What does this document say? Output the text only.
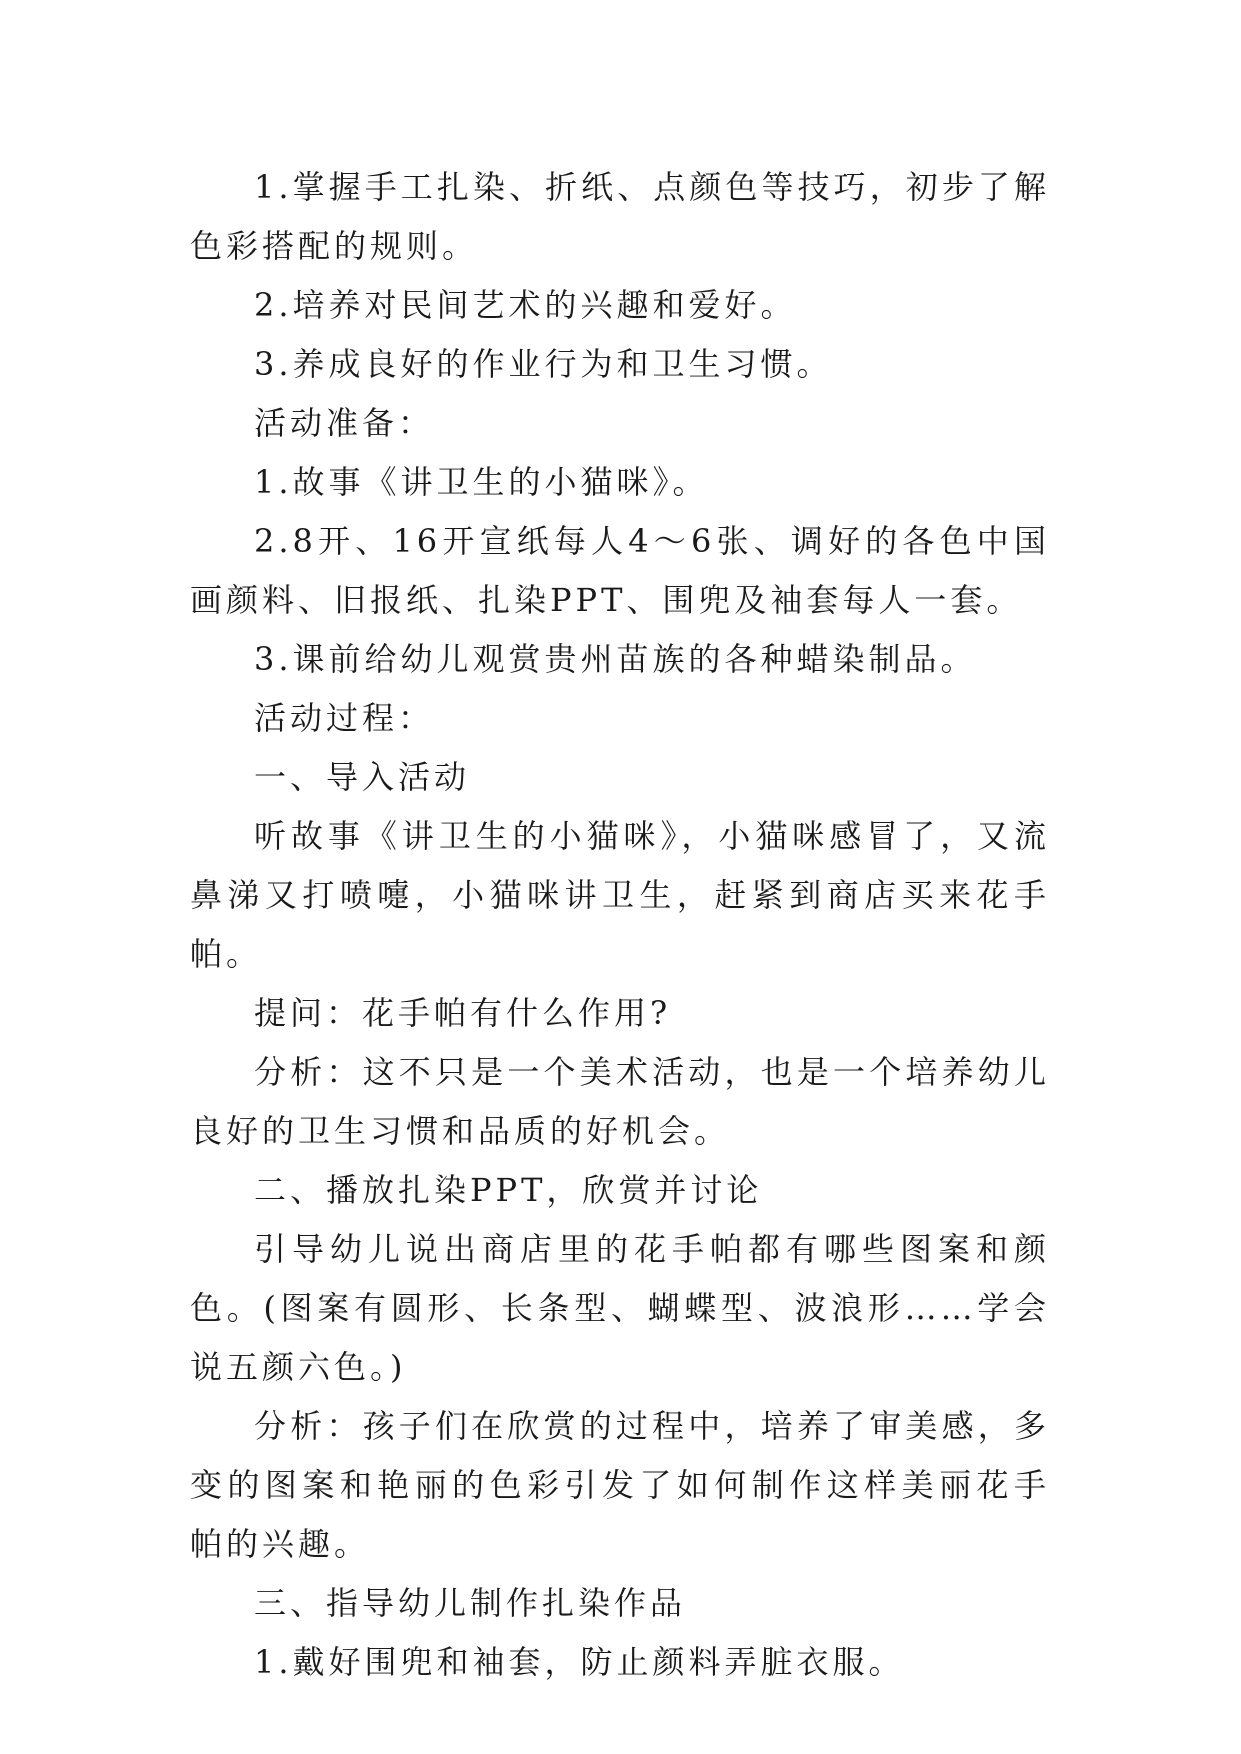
1.掌握手工扎染、折纸、点颜色等技巧，初步了解色彩搭配的规则。

2.培养对民间艺术的兴趣和爱好。

3.养成良好的作业行为和卫生习惯。

活动准备：

1.故事《讲卫生的小猫咪》。

2.8开、16开宣纸每人4～6张、调好的各色中国画颜料、旧报纸、扎染PPT、围兜及袖套每人一套。

3.课前给幼儿观赏贵州苗族的各种蜡染制品。

活动过程：

一、导入活动

听故事《讲卫生的小猫咪》，小猫咪感冒了，又流鼻涕又打喷嚏，小猫咪讲卫生，赶紧到商店买来花手帕。

提问：花手帕有什么作用?

分析：这不只是一个美术活动，也是一个培养幼儿良好的卫生习惯和品质的好机会。

二、播放扎染PPT，欣赏并讨论

引导幼儿说出商店里的花手帕都有哪些图案和颜色。(图案有圆形、长条型、蝴蝶型、波浪形……学会说五颜六色。)

分析：孩子们在欣赏的过程中，培养了审美感，多变的图案和艳丽的色彩引发了如何制作这样美丽花手帕的兴趣。

三、指导幼儿制作扎染作品

1.戴好围兜和袖套，防止颜料弄脏衣服。
